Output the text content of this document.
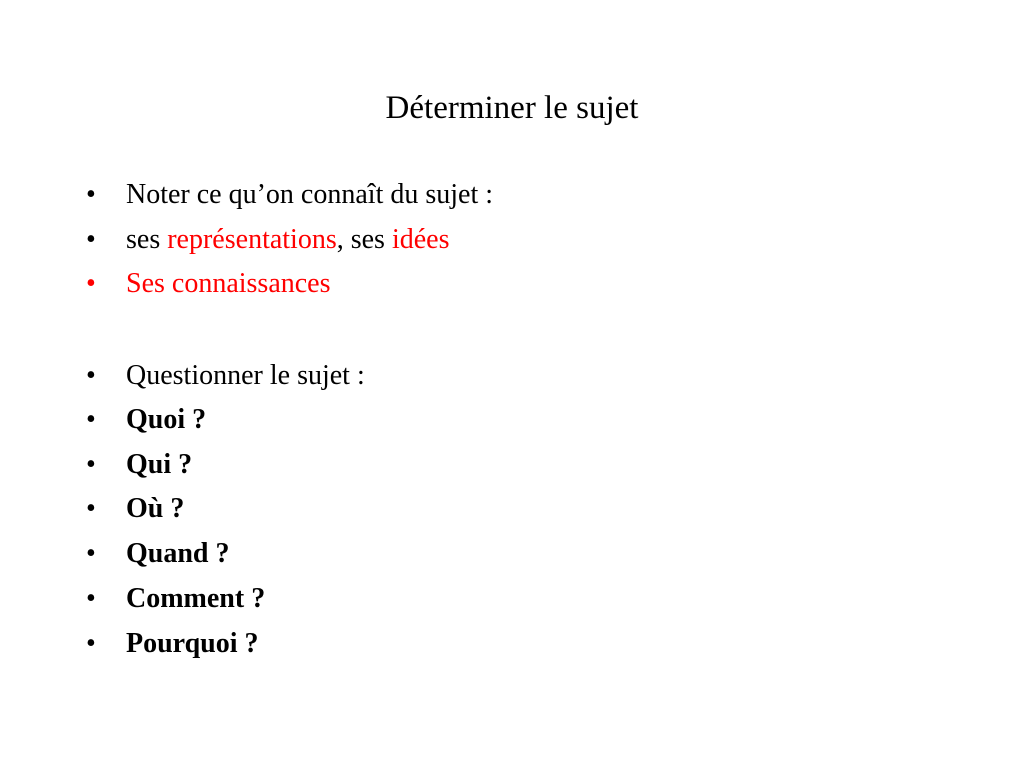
Déterminer le sujet
• Noter ce qu’on connaît du sujet :
• ses représentations, ses idées
• Ses connaissances
• Questionner le sujet :
• Quoi ?
• Qui ?
• Où ?
• Quand ?
• Comment ?
• Pourquoi ?
